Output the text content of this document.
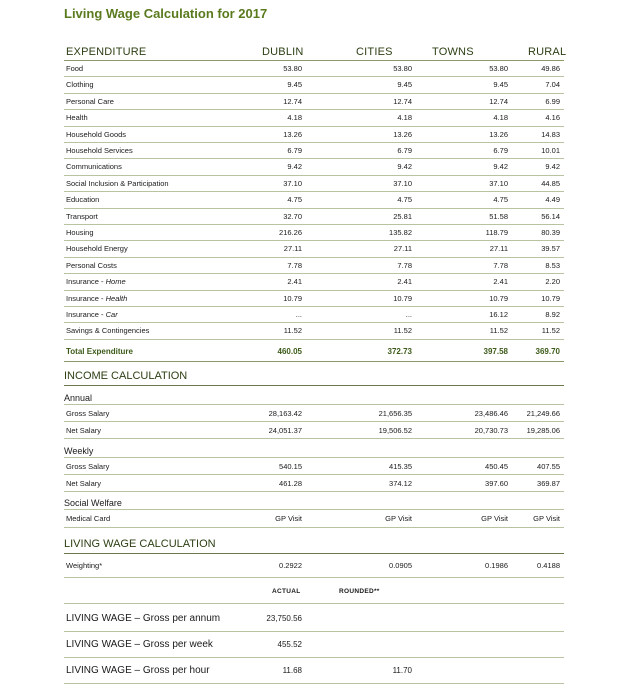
Living Wage Calculation for 2017
EXPENDITURE	DUBLIN	CITIES	TOWNS	RURAL
Food	53.80	53.80	53.80	49.86
Clothing	9.45	9.45	9.45	7.04
Personal Care	12.74	12.74	12.74	6.99
Health	4.18	4.18	4.18	4.16
Household Goods	13.26	13.26	13.26	14.83
Household Services	6.79	6.79	6.79	10.01
Communications	9.42	9.42	9.42	9.42
Social Inclusion & Participation	37.10	37.10	37.10	44.85
Education	4.75	4.75	4.75	4.49
Transport	32.70	25.81	51.58	56.14
Housing	216.26	135.82	118.79	80.39
Household Energy	27.11	27.11	27.11	39.57
Personal Costs	7.78	7.78	7.78	8.53
Insurance - Home	2.41	2.41	2.41	2.20
Insurance - Health	10.79	10.79	10.79	10.79
Insurance - Car	...	...	16.12	8.92
Savings & Contingencies	11.52	11.52	11.52	11.52
Total Expenditure	460.05	372.73	397.58	369.70
INCOME CALCULATION
Annual
Gross Salary	28,163.42	21,656.35	23,486.46	21,249.66
Net Salary	24,051.37	19,506.52	20,730.73	19,285.06
Weekly
Gross Salary	540.15	415.35	450.45	407.55
Net Salary	461.28	374.12	397.60	369.87
Social Welfare
Medical Card	GP Visit	GP Visit	GP Visit	GP Visit
LIVING WAGE CALCULATION
Weighting*	0.2922	0.0905	0.1986	0.4188
ACTUAL	ROUNDED**
LIVING WAGE – Gross per annum	23,750.56
LIVING WAGE – Gross per week	455.52
LIVING WAGE – Gross per hour	11.68	11.70
